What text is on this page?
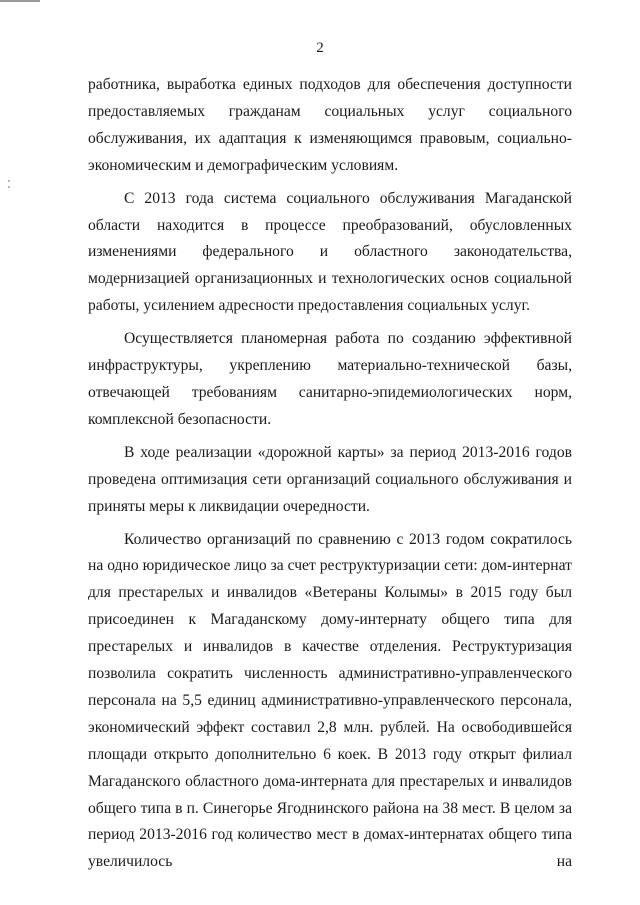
2

работника, выработка единых подходов для обеспечения доступности предоставляемых гражданам социальных услуг социального обслуживания, их адаптация к изменяющимся правовым, социально-экономическим и демографическим условиям.

С 2013 года система социального обслуживания Магаданской области находится в процессе преобразований, обусловленных изменениями федерального и областного законодательства, модернизацией организационных и технологических основ социальной работы, усилением адресности предоставления социальных услуг.

Осуществляется планомерная работа по созданию эффективной инфраструктуры, укреплению материально-технической базы, отвечающей требованиям санитарно-эпидемиологических норм, комплексной безопасности.

В ходе реализации «дорожной карты» за период 2013-2016 годов проведена оптимизация сети организаций социального обслуживания и приняты меры к ликвидации очередности.

Количество организаций по сравнению с 2013 годом сократилось на одно юридическое лицо за счет реструктуризации сети: дом-интернат для престарелых и инвалидов «Ветераны Колымы» в 2015 году был присоединен к Магаданскому дому-интернату общего типа для престарелых и инвалидов в качестве отделения. Реструктуризация позволила сократить численность административно-управленческого персонала на 5,5 единиц административно-управленческого персонала, экономический эффект составил 2,8 млн. рублей. На освободившейся площади открыто дополнительно 6 коек. В 2013 году открыт филиал Магаданского областного дома-интерната для престарелых и инвалидов общего типа в п. Синегорье Ягоднинского района на 38 мест. В целом за период 2013-2016 год количество мест в домах-интернатах общего типа увеличилось на
